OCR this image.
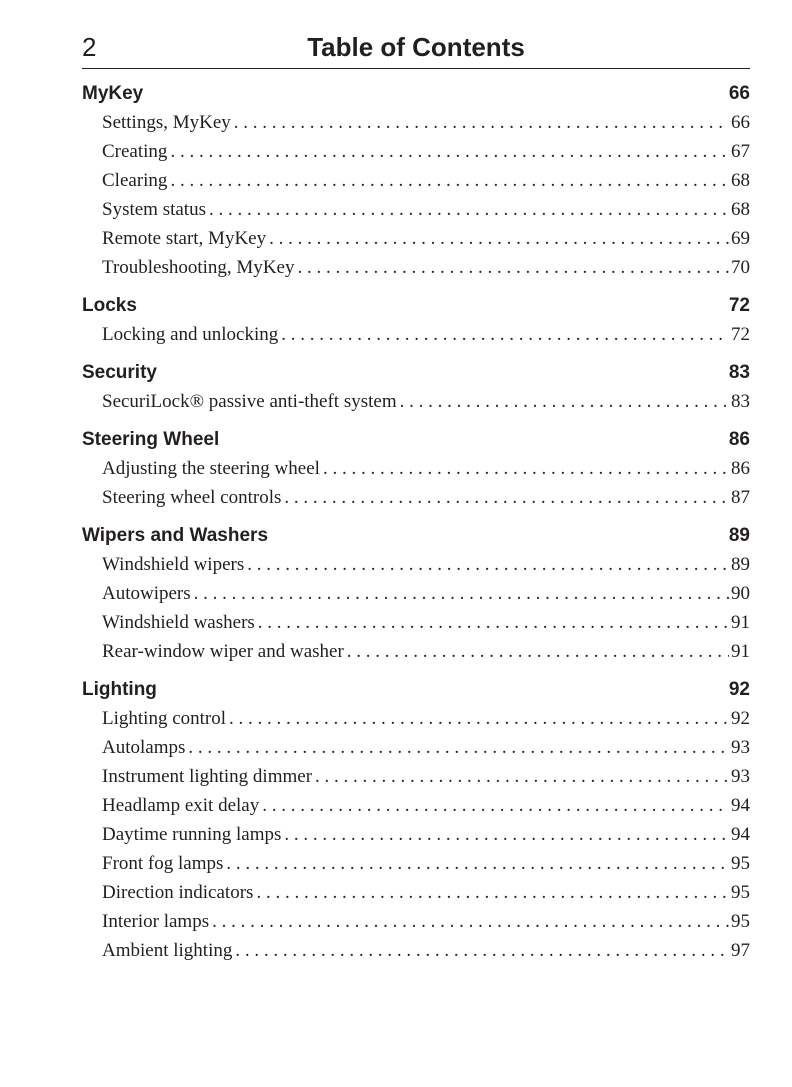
2	Table of Contents
MyKey	66
Settings, MyKey . . .	66
Creating . . .	67
Clearing . . .	68
System status . . .	68
Remote start, MyKey . . .	69
Troubleshooting, MyKey . . .	70
Locks	72
Locking and unlocking . . .	72
Security	83
SecuriLock® passive anti-theft system . . .	83
Steering Wheel	86
Adjusting the steering wheel . . .	86
Steering wheel controls . . .	87
Wipers and Washers	89
Windshield wipers . . .	89
Autowipers . . .	90
Windshield washers . . .	91
Rear-window wiper and washer . . .	91
Lighting	92
Lighting control . . .	92
Autolamps . . .	93
Instrument lighting dimmer . . .	93
Headlamp exit delay . . .	94
Daytime running lamps . . .	94
Front fog lamps . . .	95
Direction indicators . . .	95
Interior lamps . . .	95
Ambient lighting . . .	97
